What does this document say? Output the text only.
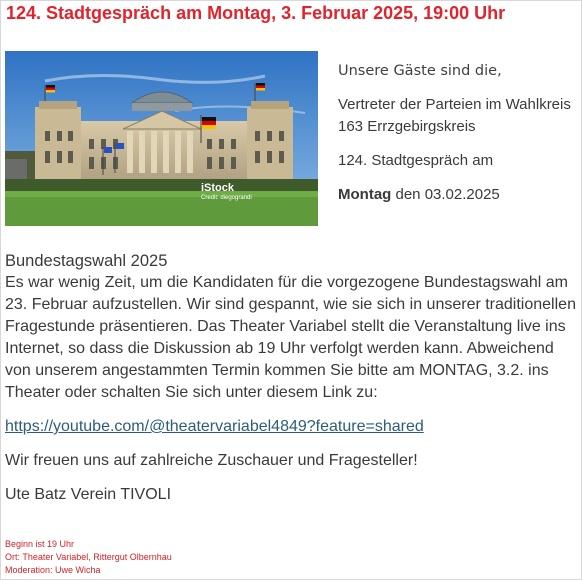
124. Stadtgespräch am Montag, 3. Februar 2025, 19:00 Uhr
iStock
Credit: diegograndi

Unsere Gäste sind die,

Vertreter der Parteien im Wahlkreis 163 Errzgebirgskreis

124. Stadtgespräch am

Montag den 03.02.2025

Bundestagswahl 2025

Es war wenig Zeit, um die Kandidaten für die vorgezogene Bundestagswahl am 23. Februar aufzustellen. Wir sind gespannt, wie sie sich in unserer traditionellen Fragestunde präsentieren. Das Theater Variabel stellt die Veranstaltung live ins Internet, so dass die Diskussion ab 19 Uhr verfolgt werden kann. Abweichend von unserem angestammten Termin kommen Sie bitte am MONTAG, 3.2. ins Theater oder schalten Sie sich unter diesem Link zu:

https://youtube.com/@theatervariabel4849?feature=shared

Wir freuen uns auf zahlreiche Zuschauer und Fragesteller!

Ute Batz Verein TIVOLI

Beginn ist 19 Uhr

Ort: Theater Variabel, Rittergut Olbernhau

Moderation: Uwe Wicha
